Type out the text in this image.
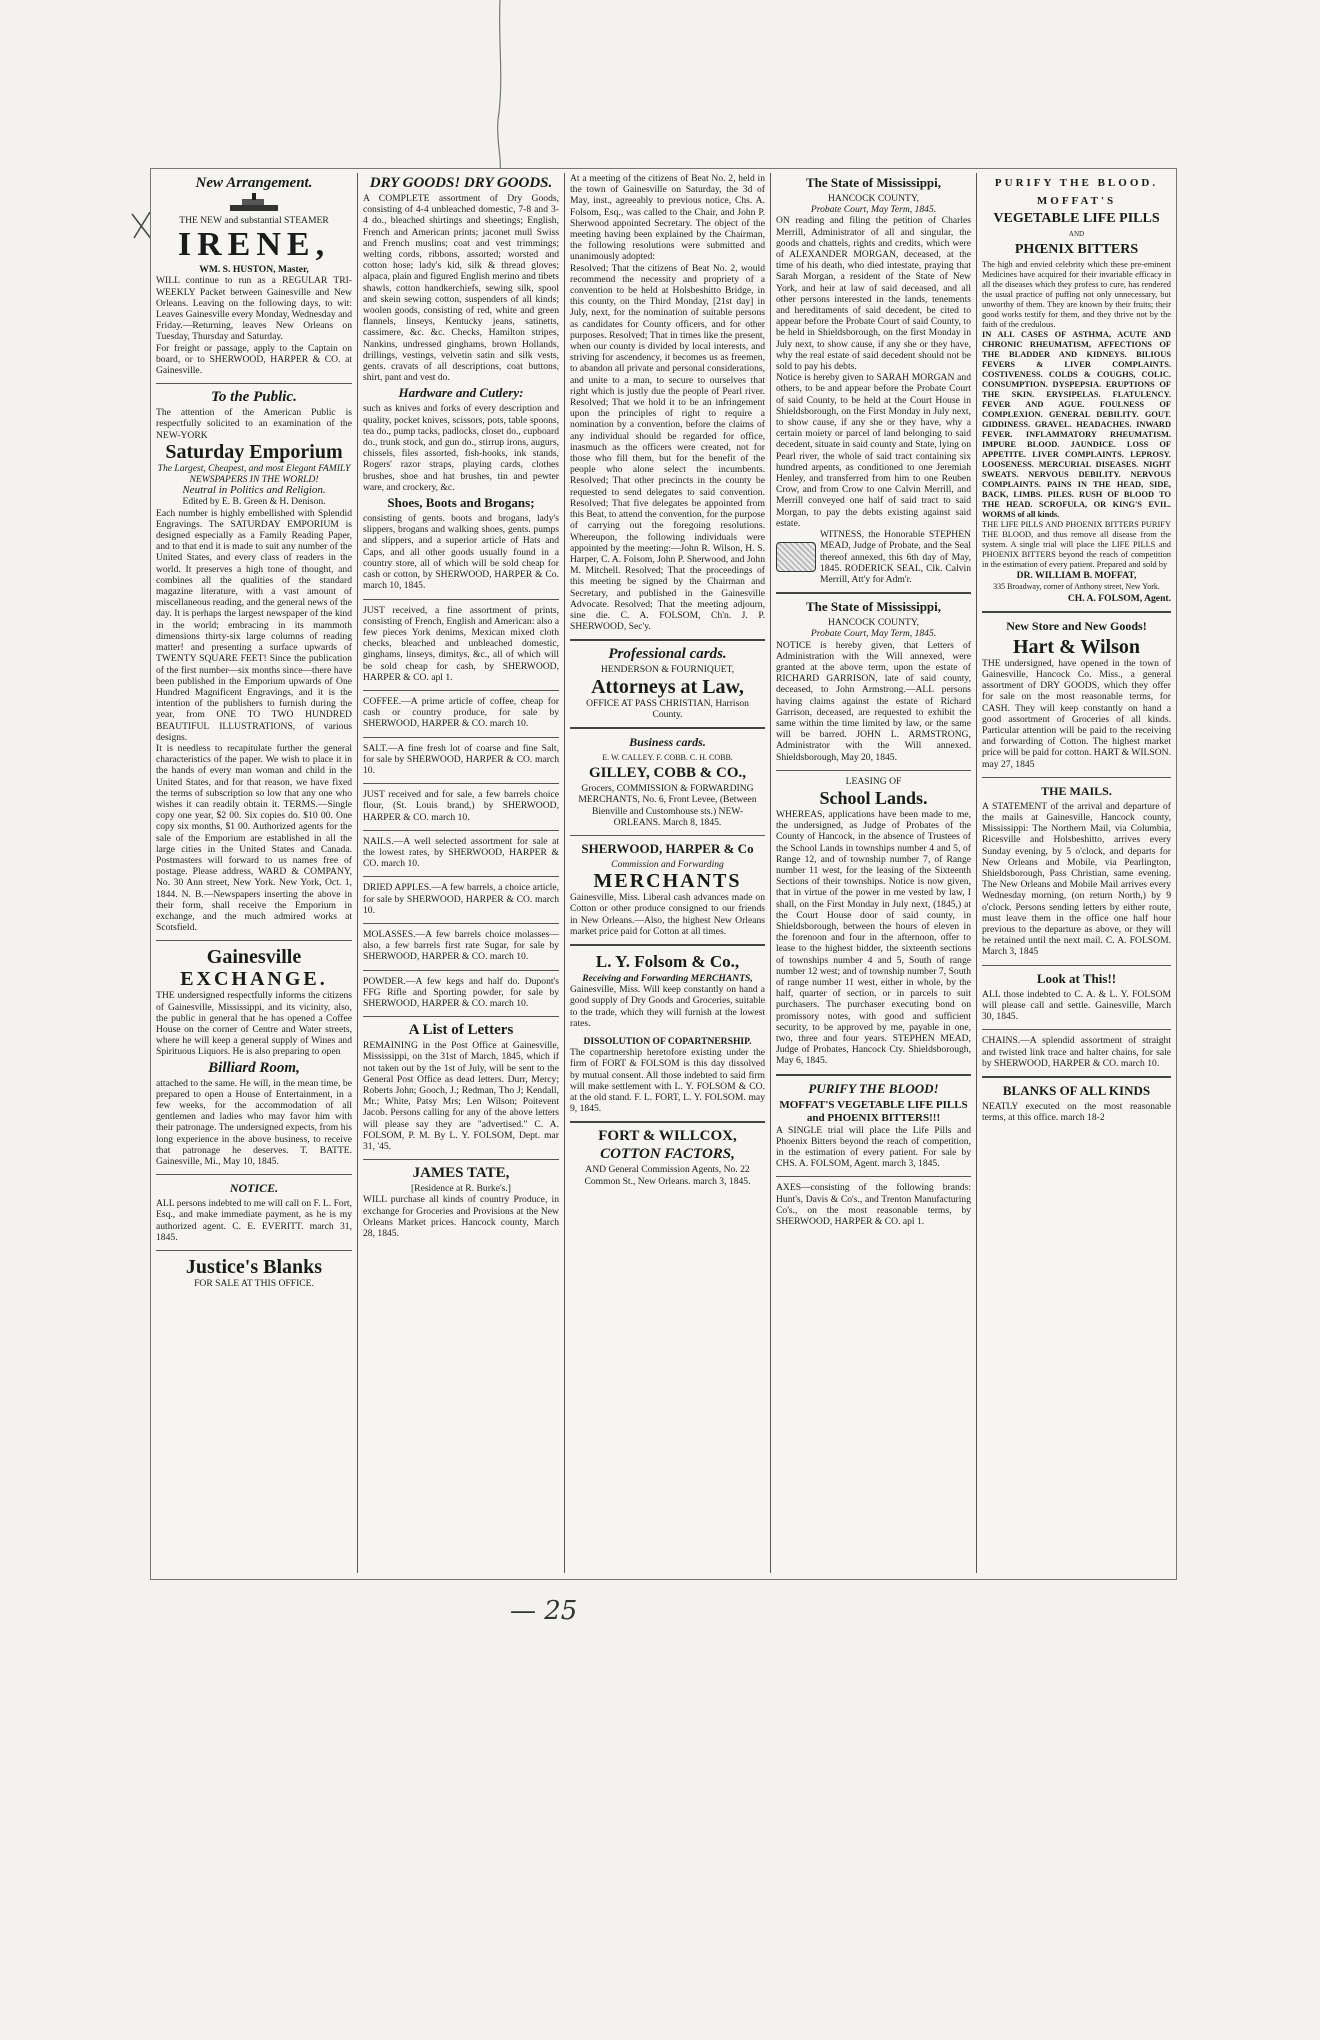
— 25
New Arrangement.

THE NEW and substantial STEAMER

IRENE,

WM. S. HUSTON, Master,

WILL continue to run as a REGULAR TRI-WEEKLY Packet between Gainesville and New Orleans. Leaving on the following days, to wit: Leaves Gainesville every Monday, Wednesday and Friday.—Returning, leaves New Orleans on Tuesday, Thursday and Saturday.

For freight or passage, apply to the Captain on board, or to SHERWOOD, HARPER & CO. at Gainesville.

To the Public.

The attention of the American Public is respectfully solicited to an examination of the NEW-YORK

Saturday Emporium

The Largest, Cheapest, and most Elegant FAMILY NEWSPAPERS IN THE WORLD!

Neutral in Politics and Religion.

Edited by E. B. Green & H. Denison.

Each number is highly embellished with Splendid Engravings. The SATURDAY EMPORIUM is designed especially as a Family Reading Paper, and to that end it is made to suit any number of the United States, and every class of readers in the world. It preserves a high tone of thought, and combines all the qualities of the standard magazine literature, with a vast amount of miscellaneous reading, and the general news of the day. It is perhaps the largest newspaper of the kind in the world; embracing in its mammoth dimensions thirty-six large columns of reading matter! and presenting a surface upwards of TWENTY SQUARE FEET! Since the publication of the first number—six months since—there have been published in the Emporium upwards of One Hundred Magnificent Engravings, and it is the intention of the publishers to furnish during the year, from ONE TO TWO HUNDRED BEAUTIFUL ILLUSTRATIONS, of various designs.

It is needless to recapitulate further the general characteristics of the paper. We wish to place it in the hands of every man woman and child in the United States, and for that reason, we have fixed the terms of subscription so low that any one who wishes it can readily obtain it. TERMS.—Single copy one year, $2 00. Six copies do. $10 00. One copy six months, $1 00. Authorized agents for the sale of the Emporium are established in all the large cities in the United States and Canada. Postmasters will forward to us names free of postage. Please address, WARD & COMPANY, No. 30 Ann street, New York. New York, Oct. 1, 1844. N. B.—Newspapers inserting the above in their form, shall receive the Emporium in exchange, and the much admired works at Scotsfield.

Gainesville
EXCHANGE.

THE undersigned respectfully informs the citizens of Gainesville, Mississippi, and its vicinity, also, the public in general that he has opened a Coffee House on the corner of Centre and Water streets, where he will keep a general supply of Wines and Spirituous Liquors. He is also preparing to open

Billiard Room,

attached to the same. He will, in the mean time, be prepared to open a House of Entertainment, in a few weeks, for the accommodation of all gentlemen and ladies who may favor him with their patronage. The undersigned expects, from his long experience in the above business, to receive that patronage he deserves. T. BATTE. Gainesville, Mi., May 10, 1845.

NOTICE.

ALL persons indebted to me will call on F. L. Fort, Esq., and make immediate payment, as he is my authorized agent. C. E. EVERITT. march 31, 1845.

Justice's Blanks

FOR SALE AT THIS OFFICE.

DRY GOODS! DRY GOODS.

A COMPLETE assortment of Dry Goods, consisting of 4-4 unbleached domestic, 7-8 and 3-4 do., bleached shirtings and sheetings; English, French and American prints; jaconet mull Swiss and French muslins; coat and vest trimmings; welting cords, ribbons, assorted; worsted and cotton hose; lady's kid, silk & thread gloves; alpaca, plain and figured English merino and tibets shawls, cotton handkerchiefs, sewing silk, spool and skein sewing cotton, suspenders of all kinds; woolen goods, consisting of red, white and green flannels, linseys, Kentucky jeans, satinetts, cassimere, &c. &c. Checks, Hamilton stripes, Nankins, undressed ginghams, brown Hollands, drillings, vestings, velvetin satin and silk vests, gents. cravats of all descriptions, coat buttons, shirt, pant and vest do.

Hardware and Cutlery:

such as knives and forks of every description and quality, pocket knives, scissors, pots, table spoons, tea do., pump tacks, padlocks, closet do., cupboard do., trunk stock, and gun do., stirrup irons, augurs, chissels, files assorted, fish-hooks, ink stands, Rogers' razor straps, playing cards, clothes brushes, shoe and hat brushes, tin and pewter ware, and crockery, &c.

Shoes, Boots and Brogans;

consisting of gents. boots and brogans, lady's slippers, brogans and walking shoes, gents. pumps and slippers, and a superior article of Hats and Caps, and all other goods usually found in a country store, all of which will be sold cheap for cash or cotton, by SHERWOOD, HARPER & Co. march 10, 1845.

JUST received, a fine assortment of prints, consisting of French, English and American: also a few pieces York denims, Mexican mixed cloth checks, bleached and unbleached domestic, ginghams, linseys, dimitys, &c., all of which will be sold cheap for cash, by SHERWOOD, HARPER & CO. apl 1.

COFFEE.—A prime article of coffee, cheap for cash or country produce, for sale by SHERWOOD, HARPER & CO. march 10.

SALT.—A fine fresh lot of coarse and fine Salt, for sale by SHERWOOD, HARPER & CO. march 10.

JUST received and for sale, a few barrels choice flour, (St. Louis brand,) by SHERWOOD, HARPER & CO. march 10.

NAILS.—A well selected assortment for sale at the lowest rates, by SHERWOOD, HARPER & CO. march 10.

DRIED APPLES.—A few barrels, a choice article, for sale by SHERWOOD, HARPER & CO. march 10.

MOLASSES.—A few barrels choice molasses—also, a few barrels first rate Sugar, for sale by SHERWOOD, HARPER & CO. march 10.

POWDER.—A few kegs and half do. Dupont's FFG Rifle and Sporting powder, for sale by SHERWOOD, HARPER & CO. march 10.

A List of Letters

REMAINING in the Post Office at Gainesville, Mississippi, on the 31st of March, 1845, which if not taken out by the 1st of July, will be sent to the General Post Office as dead letters. Durr, Mercy; Roberts John; Gooch, J.; Redman, Tho J; Kendall, Mr.; White, Patsy Mrs; Len Wilson; Poitevent Jacob. Persons calling for any of the above letters will please say they are "advertised." C. A. FOLSOM, P. M. By L. Y. FOLSOM, Dept. mar 31, '45.

JAMES TATE,

[Residence at R. Burke's.]

WILL purchase all kinds of country Produce, in exchange for Groceries and Provisions at the New Orleans Market prices. Hancock county, March 28, 1845.

At a meeting of the citizens of Beat No. 2, held in the town of Gainesville on Saturday, the 3d of May, inst., agreeably to previous notice, Chs. A. Folsom, Esq., was called to the Chair, and John P. Sherwood appointed Secretary. The object of the meeting having been explained by the Chairman, the following resolutions were submitted and unanimously adopted:

Resolved; That the citizens of Beat No. 2, would recommend the necessity and propriety of a convention to be held at Holsbeshitto Bridge, in this county, on the Third Monday, [21st day] in July, next, for the nomination of suitable persons as candidates for County officers, and for other purposes. Resolved; That in times like the present, when our county is divided by local interests, and striving for ascendency, it becomes us as freemen, to abandon all private and personal considerations, and unite to a man, to secure to ourselves that right which is justly due the people of Pearl river. Resolved; That we hold it to be an infringement upon the principles of right to require a nomination by a convention, before the claims of any individual should be regarded for office, inasmuch as the officers were created, not for those who fill them, but for the benefit of the people who alone select the incumbents. Resolved; That other precincts in the county be requested to send delegates to said convention. Resolved; That five delegates be appointed from this Beat, to attend the convention, for the purpose of carrying out the foregoing resolutions. Whereupon, the following individuals were appointed by the meeting:—John R. Wilson, H. S. Harper, C. A. Folsom, John P. Sherwood, and John M. Mitchell. Resolved; That the proceedings of this meeting be signed by the Chairman and Secretary, and published in the Gainesville Advocate. Resolved; That the meeting adjourn, sine die. C. A. FOLSOM, Ch'n. J. P. SHERWOOD, Sec'y.

Professional cards.

HENDERSON & FOURNIQUET,

Attorneys at Law,

OFFICE AT PASS CHRISTIAN, Harrison County.

Business cards.

E. W. CALLEY. F. COBB. C. H. COBB.

GILLEY, COBB & CO.,

Grocers, COMMISSION & FORWARDING MERCHANTS, No. 6, Front Levee, (Between Bienville and Customhouse sts.) NEW-ORLEANS. March 8, 1845.

SHERWOOD, HARPER & Co

Commission and Forwarding

MERCHANTS

Gainesville, Miss. Liberal cash advances made on Cotton or other produce consigned to our friends in New Orleans.—Also, the highest New Orleans market price paid for Cotton at all times.

L. Y. Folsom & Co.,

Receiving and Forwarding MERCHANTS,

Gainesville, Miss. Will keep constantly on hand a good supply of Dry Goods and Groceries, suitable to the trade, which they will furnish at the lowest rates.

DISSOLUTION OF COPARTNERSHIP.

The copartnership heretofore existing under the firm of FORT & FOLSOM is this day dissolved by mutual consent. All those indebted to said firm will make settlement with L. Y. FOLSOM & CO. at the old stand. F. L. FORT, L. Y. FOLSOM. may 9, 1845.

FORT & WILLCOX,
COTTON FACTORS,

AND General Commission Agents, No. 22 Common St., New Orleans. march 3, 1845.

The State of Mississippi,

HANCOCK COUNTY,

Probate Court, May Term, 1845.

ON reading and filing the petition of Charles Merrill, Administrator of all and singular, the goods and chattels, rights and credits, which were of ALEXANDER MORGAN, deceased, at the time of his death, who died intestate, praying that Sarah Morgan, a resident of the State of New York, and heir at law of said deceased, and all other persons interested in the lands, tenements and hereditaments of said decedent, be cited to appear before the Probate Court of said County, to be held in Shieldsborough, on the first Monday in July next, to show cause, if any she or they have, why the real estate of said decedent should not be sold to pay his debts.

Notice is hereby given to SARAH MORGAN and others, to be and appear before the Probate Court of said County, to be held at the Court House in Shieldsborough, on the First Monday in July next, to show cause, if any she or they have, why a certain moiety or parcel of land belonging to said decedent, situate in said county and State, lying on Pearl river, the whole of said tract containing six hundred arpents, as conditioned to one Jeremiah Henley, and transferred from him to one Reuben Crow, and from Crow to one Calvin Merrill, and Merrill conveyed one half of said tract to said Morgan, to pay the debts existing against said estate.

WITNESS, the Honorable STEPHEN MEAD, Judge of Probate, and the Seal thereof annexed, this 6th day of May, 1845. RODERICK SEAL, Clk. Calvin Merrill, Att'y for Adm'r.

The State of Mississippi,

HANCOCK COUNTY,

Probate Court, May Term, 1845.

NOTICE is hereby given, that Letters of Administration with the Will annexed, were granted at the above term, upon the estate of RICHARD GARRISON, late of said county, deceased, to John Armstrong.—ALL persons having claims against the estate of Richard Garrison, deceased, are requested to exhibit the same within the time limited by law, or the same will be barred. JOHN L. ARMSTRONG, Administrator with the Will annexed. Shieldsborough, May 20, 1845.

LEASING OF

School Lands.

WHEREAS, applications have been made to me, the undersigned, as Judge of Probates of the County of Hancock, in the absence of Trustees of the School Lands in townships number 4 and 5, of Range 12, and of township number 7, of Range number 11 west, for the leasing of the Sixteenth Sections of their townships. Notice is now given, that in virtue of the power in me vested by law, I shall, on the First Monday in July next, (1845,) at the Court House door of said county, in Shieldsborough, between the hours of eleven in the forenoon and four in the afternoon, offer to lease to the highest bidder, the sixteenth sections of townships number 4 and 5, South of range number 12 west; and of township number 7, South of range number 11 west, either in whole, by the half, quarter of section, or in parcels to suit purchasers. The purchaser executing bond on promissory notes, with good and sufficient security, to be approved by me, payable in one, two, three and four years. STEPHEN MEAD, Judge of Probates, Hancock Cty. Shieldsborough, May 6, 1845.

PURIFY THE BLOOD!

MOFFAT'S VEGETABLE LIFE PILLS and PHOENIX BITTERS!!!

A SINGLE trial will place the Life Pills and Phoenix Bitters beyond the reach of competition, in the estimation of every patient. For sale by CHS. A. FOLSOM, Agent. march 3, 1845.

AXES—consisting of the following brands: Hunt's, Davis & Co's., and Trenton Manufacturing Co's., on the most reasonable terms, by SHERWOOD, HARPER & CO. apl 1.

PURIFY THE BLOOD.
MOFFAT'S
VEGETABLE LIFE PILLS

AND

PHŒNIX BITTERS

The high and envied celebrity which these pre-eminent Medicines have acquired for their invariable efficacy in all the diseases which they profess to cure, has rendered the usual practice of puffing not only unnecessary, but unworthy of them. They are known by their fruits; their good works testify for them, and they thrive not by the faith of the credulous.

IN ALL CASES OF ASTHMA, ACUTE AND CHRONIC RHEUMATISM, AFFECTIONS OF THE BLADDER AND KIDNEYS. BILIOUS FEVERS & LIVER COMPLAINTS. COSTIVENESS. COLDS & COUGHS, COLIC. CONSUMPTION. DYSPEPSIA. ERUPTIONS OF THE SKIN. ERYSIPELAS. FLATULENCY. FEVER AND AGUE. FOULNESS OF COMPLEXION. GENERAL DEBILITY. GOUT. GIDDINESS. GRAVEL. HEADACHES. INWARD FEVER. INFLAMMATORY RHEUMATISM. IMPURE BLOOD. JAUNDICE. LOSS OF APPETITE. LIVER COMPLAINTS. LEPROSY. LOOSENESS. MERCURIAL DISEASES. NIGHT SWEATS. NERVOUS DEBILITY. NERVOUS COMPLAINTS. PAINS IN THE HEAD, SIDE, BACK, LIMBS. PILES. RUSH OF BLOOD TO THE HEAD. SCROFULA, OR KING'S EVIL. WORMS of all kinds.

THE LIFE PILLS AND PHOENIX BITTERS PURIFY THE BLOOD, and thus remove all disease from the system. A single trial will place the LIFE PILLS and PHOENIX BITTERS beyond the reach of competition in the estimation of every patient. Prepared and sold by

DR. WILLIAM B. MOFFAT,

335 Broadway, corner of Anthony street, New York.

CH. A. FOLSOM, Agent.

New Store and New Goods!
Hart & Wilson

THE undersigned, have opened in the town of Gainesville, Hancock Co. Miss., a general assortment of DRY GOODS, which they offer for sale on the most reasonable terms, for CASH. They will keep constantly on hand a good assortment of Groceries of all kinds. Particular attention will be paid to the receiving and forwarding of Cotton. The highest market price will be paid for cotton. HART & WILSON. may 27, 1845

THE MAILS.

A STATEMENT of the arrival and departure of the mails at Gainesville, Hancock county, Mississippi: The Northern Mail, via Columbia, Ricesville and Holsbeshitto, arrives every Sunday evening, by 5 o'clock, and departs for New Orleans and Mobile, via Pearlington, Shieldsborough, Pass Christian, same evening. The New Orleans and Mobile Mail arrives every Wednesday morning, (on return North,) by 9 o'clock. Persons sending letters by either route, must leave them in the office one half hour previous to the departure as above, or they will be retained until the next mail. C. A. FOLSOM. March 3, 1845

Look at This!!

ALL those indebted to C. A. & L. Y. FOLSOM will please call and settle. Gainesville, March 30, 1845.

CHAINS.—A splendid assortment of straight and twisted link trace and halter chains, for sale by SHERWOOD, HARPER & CO. march 10.

BLANKS OF ALL KINDS

NEATLY executed on the most reasonable terms, at this office. march 18-2
